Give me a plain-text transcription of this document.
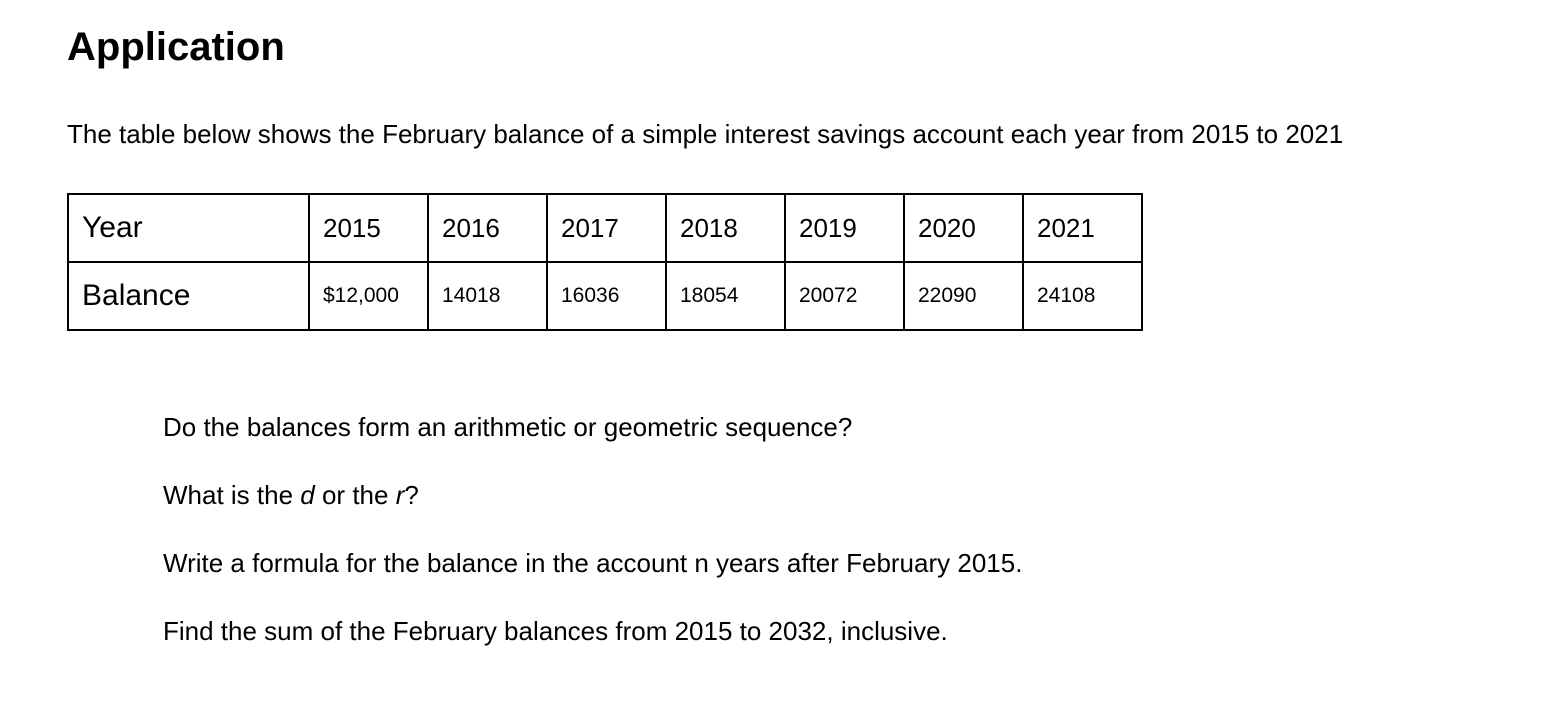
Application

The table below shows the February balance of a simple interest savings account each year from 2015 to 2021

Year	2015	2016	2017	2018	2019	2020	2021
Balance	$12,000	14018	16036	18054	20072	22090	24108

Do the balances form an arithmetic or geometric sequence?

What is the d or the r?

Write a formula for the balance in the account n years after February 2015.

Find the sum of the February balances from 2015 to 2032, inclusive.
